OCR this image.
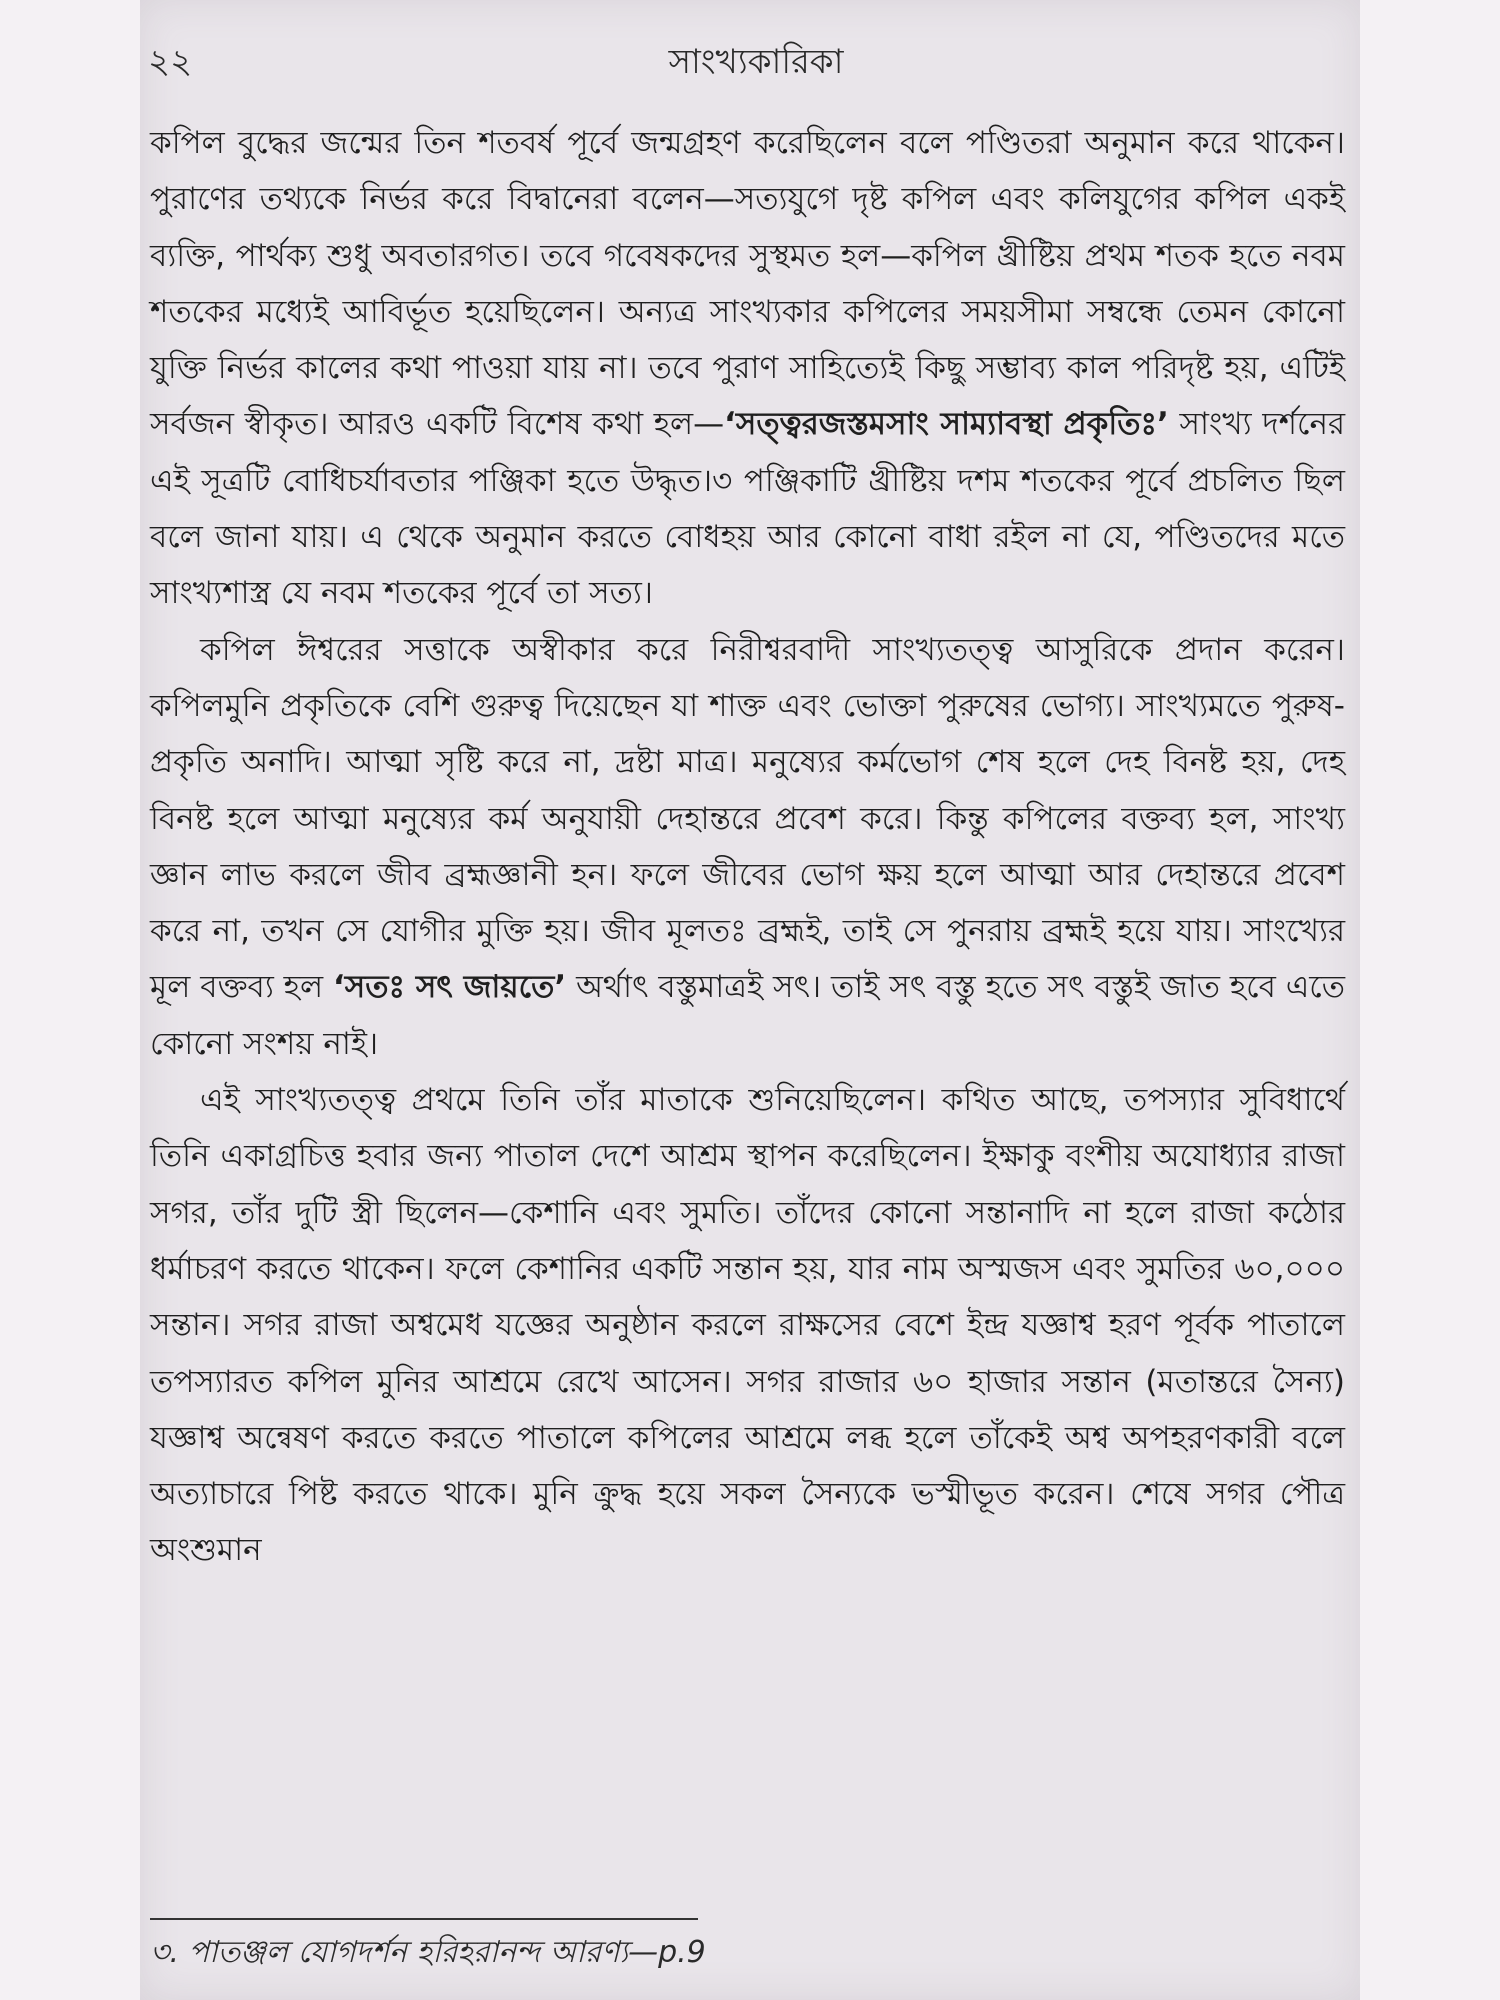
২২	সাংখ্যকারিকা

কপিল বুদ্ধের জন্মের তিন শতবর্ষ পূর্বে জন্মগ্রহণ করেছিলেন বলে পণ্ডিতরা অনুমান করে থাকেন। পুরাণের তথ্যকে নির্ভর করে বিদ্বানেরা বলেন—সত্যযুগে দৃষ্ট কপিল এবং কলিযুগের কপিল একই ব্যক্তি, পার্থক্য শুধু অবতারগত। তবে গবেষকদের সুস্থমত হল—কপিল খ্রীষ্টিয় প্রথম শতক হতে নবম শতকের মধ্যেই আবির্ভূত হয়েছিলেন। অন্যত্র সাংখ্যকার কপিলের সময়সীমা সম্বন্ধে তেমন কোনো যুক্তি নির্ভর কালের কথা পাওয়া যায় না। তবে পুরাণ সাহিত্যেই কিছু সম্ভাব্য কাল পরিদৃষ্ট হয়, এটিই সর্বজন স্বীকৃত। আরও একটি বিশেষ কথা হল—‘সত্ত্বরজস্তমসাং সাম্যাবস্থা প্রকৃতিঃ’ সাংখ্য দর্শনের এই সূত্রটি বোধিচর্যাবতার পঞ্জিকা হতে উদ্ধৃত।৩ পঞ্জিকাটি খ্রীষ্টিয় দশম শতকের পূর্বে প্রচলিত ছিল বলে জানা যায়। এ থেকে অনুমান করতে বোধহয় আর কোনো বাধা রইল না যে, পণ্ডিতদের মতে সাংখ্যশাস্ত্র যে নবম শতকের পূর্বে তা সত্য।

কপিল ঈশ্বরের সত্তাকে অস্বীকার করে নিরীশ্বরবাদী সাংখ্যতত্ত্ব আসুরিকে প্রদান করেন। কপিলমুনি প্রকৃতিকে বেশি গুরুত্ব দিয়েছেন যা শাক্ত এবং ভোক্তা পুরুষের ভোগ্য। সাংখ্যমতে পুরুষ-প্রকৃতি অনাদি। আত্মা সৃষ্টি করে না, দ্রষ্টা মাত্র। মনুষ্যের কর্মভোগ শেষ হলে দেহ বিনষ্ট হয়, দেহ বিনষ্ট হলে আত্মা মনুষ্যের কর্ম অনুযায়ী দেহান্তরে প্রবেশ করে। কিন্তু কপিলের বক্তব্য হল, সাংখ্য জ্ঞান লাভ করলে জীব ব্রহ্মজ্ঞানী হন। ফলে জীবের ভোগ ক্ষয় হলে আত্মা আর দেহান্তরে প্রবেশ করে না, তখন সে যোগীর মুক্তি হয়। জীব মূলতঃ ব্রহ্মই, তাই সে পুনরায় ব্রহ্মই হয়ে যায়। সাংখ্যের মূল বক্তব্য হল ‘সতঃ সৎ জায়তে’ অর্থাৎ বস্তুমাত্রই সৎ। তাই সৎ বস্তু হতে সৎ বস্তুই জাত হবে এতে কোনো সংশয় নাই।

এই সাংখ্যতত্ত্ব প্রথমে তিনি তাঁর মাতাকে শুনিয়েছিলেন। কথিত আছে, তপস্যার সুবিধার্থে তিনি একাগ্রচিত্ত হবার জন্য পাতাল দেশে আশ্রম স্থাপন করেছিলেন। ইক্ষাকু বংশীয় অযোধ্যার রাজা সগর, তাঁর দুটি স্ত্রী ছিলেন—কেশানি এবং সুমতি। তাঁদের কোনো সন্তানাদি না হলে রাজা কঠোর ধর্মাচরণ করতে থাকেন। ফলে কেশানির একটি সন্তান হয়, যার নাম অস্মজস এবং সুমতির ৬০,০০০ সন্তান। সগর রাজা অশ্বমেধ যজ্ঞের অনুষ্ঠান করলে রাক্ষসের বেশে ইন্দ্র যজ্ঞাশ্ব হরণ পূর্বক পাতালে তপস্যারত কপিল মুনির আশ্রমে রেখে আসেন। সগর রাজার ৬০ হাজার সন্তান (মতান্তরে সৈন্য) যজ্ঞাশ্ব অন্বেষণ করতে করতে পাতালে কপিলের আশ্রমে লব্ধ হলে তাঁকেই অশ্ব অপহরণকারী বলে অত্যাচারে পিষ্ট করতে থাকে। মুনি ক্রুদ্ধ হয়ে সকল সৈন্যকে ভস্মীভূত করেন। শেষে সগর পৌত্র অংশুমান

৩. পাতঞ্জল যোগদর্শন হরিহরানন্দ আরণ্য—p.9
